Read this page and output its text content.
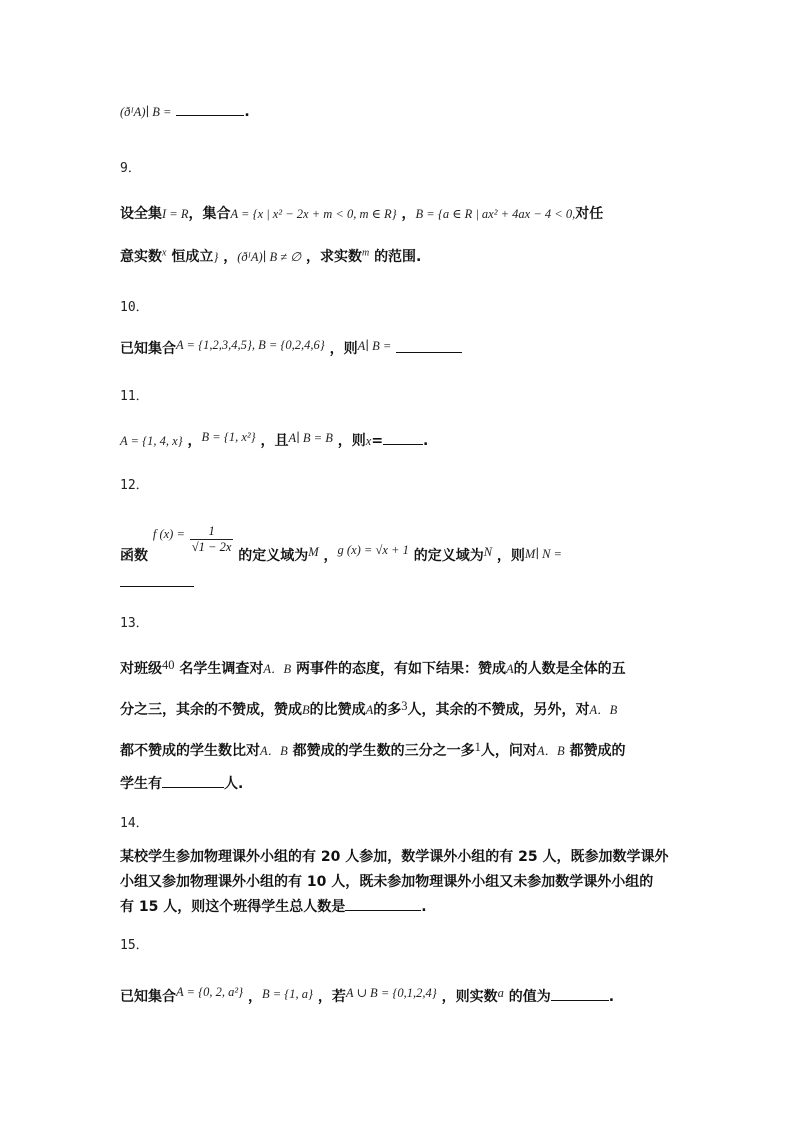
(ðᴵA)∣ B =	.
9．
设全集I = R，集合A = {x | x² − 2x + m < 0, m ∈ R} ，B = {a ∈ R | ax² + 4ax − 4 < 0,对任
意实数$^x$ 恒成立} ，(ðᴵA)∣ B ≠ ∅ ，求实数$^m$ 的范围.
10．
已知集合A = {1,2,3,4,5}, B = {0,2,4,6} ，则A∣ B =
11．
A = {1, 4, x} ，B = {1, x²} ，且A∣ B = B ，则x=	.
12．
函数 f $(x) = \frac{1}{√1 - 2x}$
的定义域为M ，g (x) = √x + 1 的定义域为N ，则M∣ N =
13．
对班级40 名学生调查对A．B 两事件的态度，有如下结果：赞成A的人数是全体的五
分之三，其余的不赞成，赞成B的比赞成A的多3人，其余的不赞成，另外，对A．B
都不赞成的学生数比对A．B 都赞成的学生数的三分之一多1人，问对A．B 都赞成的
学生有	人.
14．
某校学生参加物理课外小组的有 20 人参加，数学课外小组的有 25 人，既参加数学课外
小组又参加物理课外小组的有 10 人，既未参加物理课外小组又未参加数学课外小组的
有 15 人，则这个班得学生总人数是	.
15．
已知集合A = {0, 2, a²} ，B = {1, a} ，若A ∪ B = {0,1,2,4} ，则实数a 的值为	.
